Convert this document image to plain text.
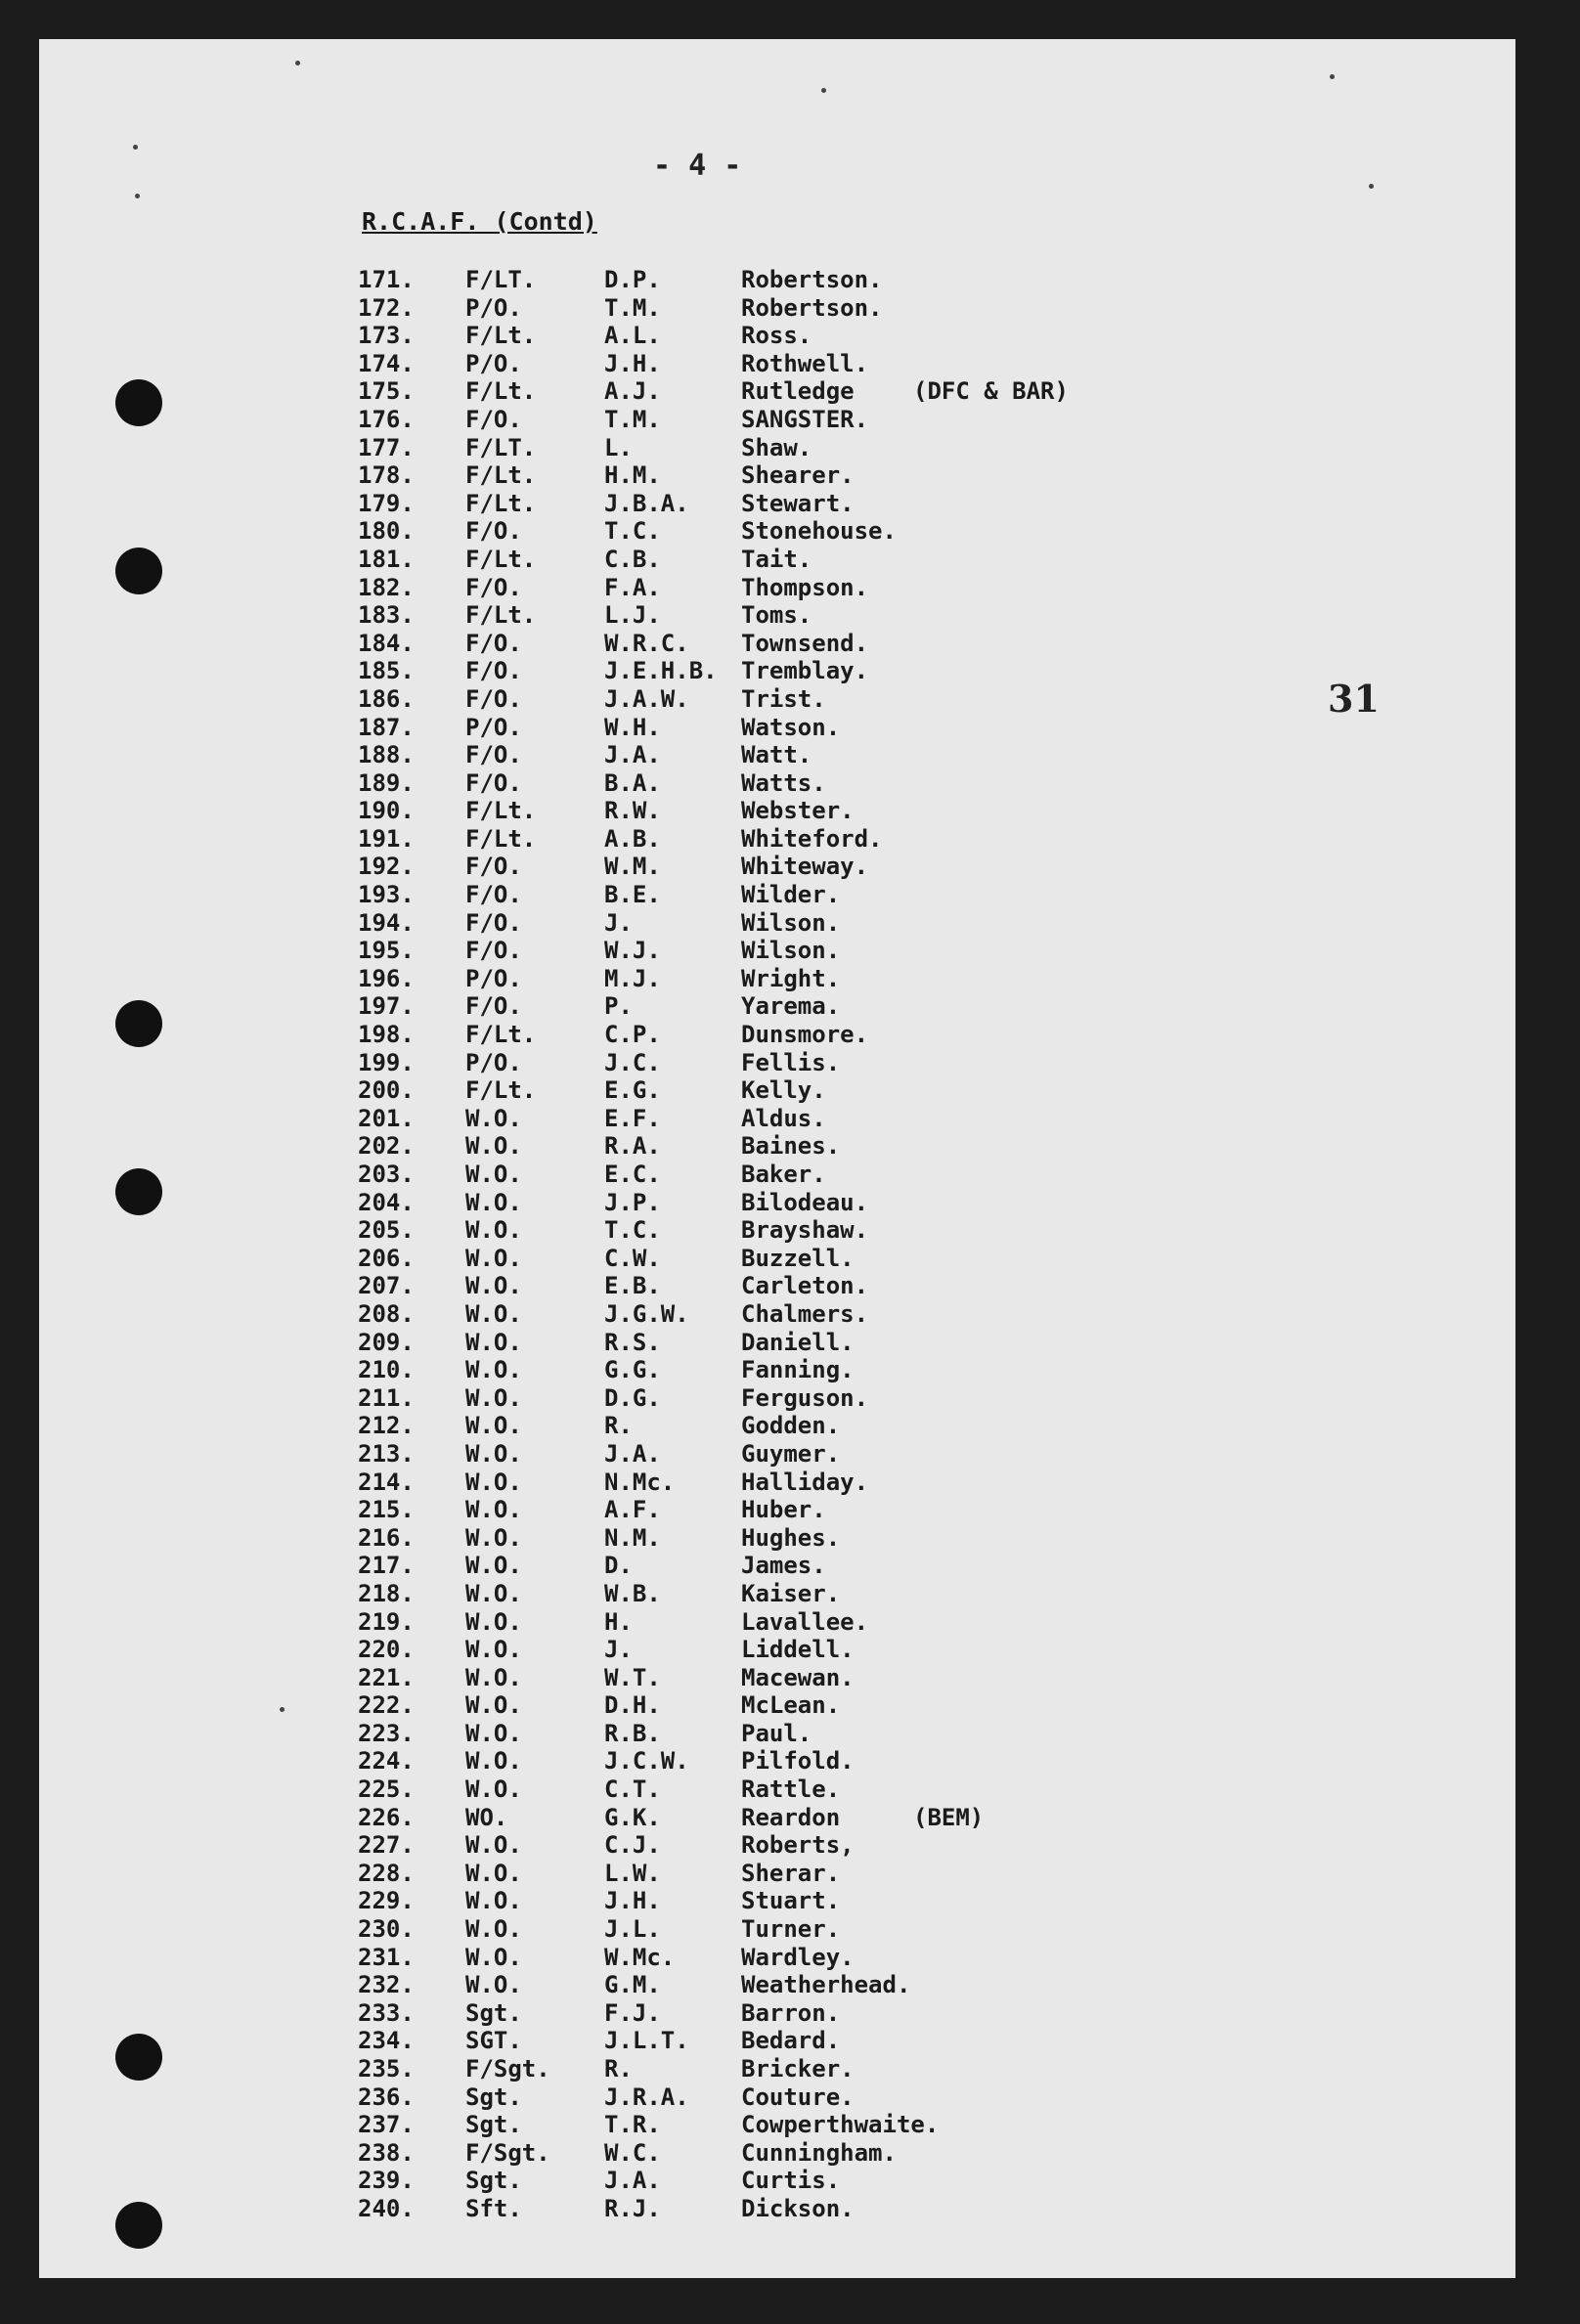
- 4 -
R.C.A.F. (Contd)
31
171.	F/LT.	D.P.	Robertson.
172.	P/O.	T.M.	Robertson.
173.	F/Lt.	A.L.	Ross.
174.	P/O.	J.H.	Rothwell.
175.	F/Lt.	A.J.	Rutledge	(DFC & BAR)
176.	F/O.	T.M.	SANGSTER.
177.	F/LT.	L.	Shaw.
178.	F/Lt.	H.M.	Shearer.
179.	F/Lt.	J.B.A.	Stewart.
180.	F/O.	T.C.	Stonehouse.
181.	F/Lt.	C.B.	Tait.
182.	F/O.	F.A.	Thompson.
183.	F/Lt.	L.J.	Toms.
184.	F/O.	W.R.C.	Townsend.
185.	F/O.	J.E.H.B.	Tremblay.
186.	F/O.	J.A.W.	Trist.
187.	P/O.	W.H.	Watson.
188.	F/O.	J.A.	Watt.
189.	F/O.	B.A.	Watts.
190.	F/Lt.	R.W.	Webster.
191.	F/Lt.	A.B.	Whiteford.
192.	F/O.	W.M.	Whiteway.
193.	F/O.	B.E.	Wilder.
194.	F/O.	J.	Wilson.
195.	F/O.	W.J.	Wilson.
196.	P/O.	M.J.	Wright.
197.	F/O.	P.	Yarema.
198.	F/Lt.	C.P.	Dunsmore.
199.	P/O.	J.C.	Fellis.
200.	F/Lt.	E.G.	Kelly.
201.	W.O.	E.F.	Aldus.
202.	W.O.	R.A.	Baines.
203.	W.O.	E.C.	Baker.
204.	W.O.	J.P.	Bilodeau.
205.	W.O.	T.C.	Brayshaw.
206.	W.O.	C.W.	Buzzell.
207.	W.O.	E.B.	Carleton.
208.	W.O.	J.G.W.	Chalmers.
209.	W.O.	R.S.	Daniell.
210.	W.O.	G.G.	Fanning.
211.	W.O.	D.G.	Ferguson.
212.	W.O.	R.	Godden.
213.	W.O.	J.A.	Guymer.
214.	W.O.	N.Mc.	Halliday.
215.	W.O.	A.F.	Huber.
216.	W.O.	N.M.	Hughes.
217.	W.O.	D.	James.
218.	W.O.	W.B.	Kaiser.
219.	W.O.	H.	Lavallee.
220.	W.O.	J.	Liddell.
221.	W.O.	W.T.	Macewan.
222.	W.O.	D.H.	McLean.
223.	W.O.	R.B.	Paul.
224.	W.O.	J.C.W.	Pilfold.
225.	W.O.	C.T.	Rattle.
226.	WO.	G.K.	Reardon	(BEM)
227.	W.O.	C.J.	Roberts,
228.	W.O.	L.W.	Sherar.
229.	W.O.	J.H.	Stuart.
230.	W.O.	J.L.	Turner.
231.	W.O.	W.Mc.	Wardley.
232.	W.O.	G.M.	Weatherhead.
233.	Sgt.	F.J.	Barron.
234.	SGT.	J.L.T.	Bedard.
235.	F/Sgt.	R.	Bricker.
236.	Sgt.	J.R.A.	Couture.
237.	Sgt.	T.R.	Cowperthwaite.
238.	F/Sgt.	W.C.	Cunningham.
239.	Sgt.	J.A.	Curtis.
240.	Sft.	R.J.	Dickson.
